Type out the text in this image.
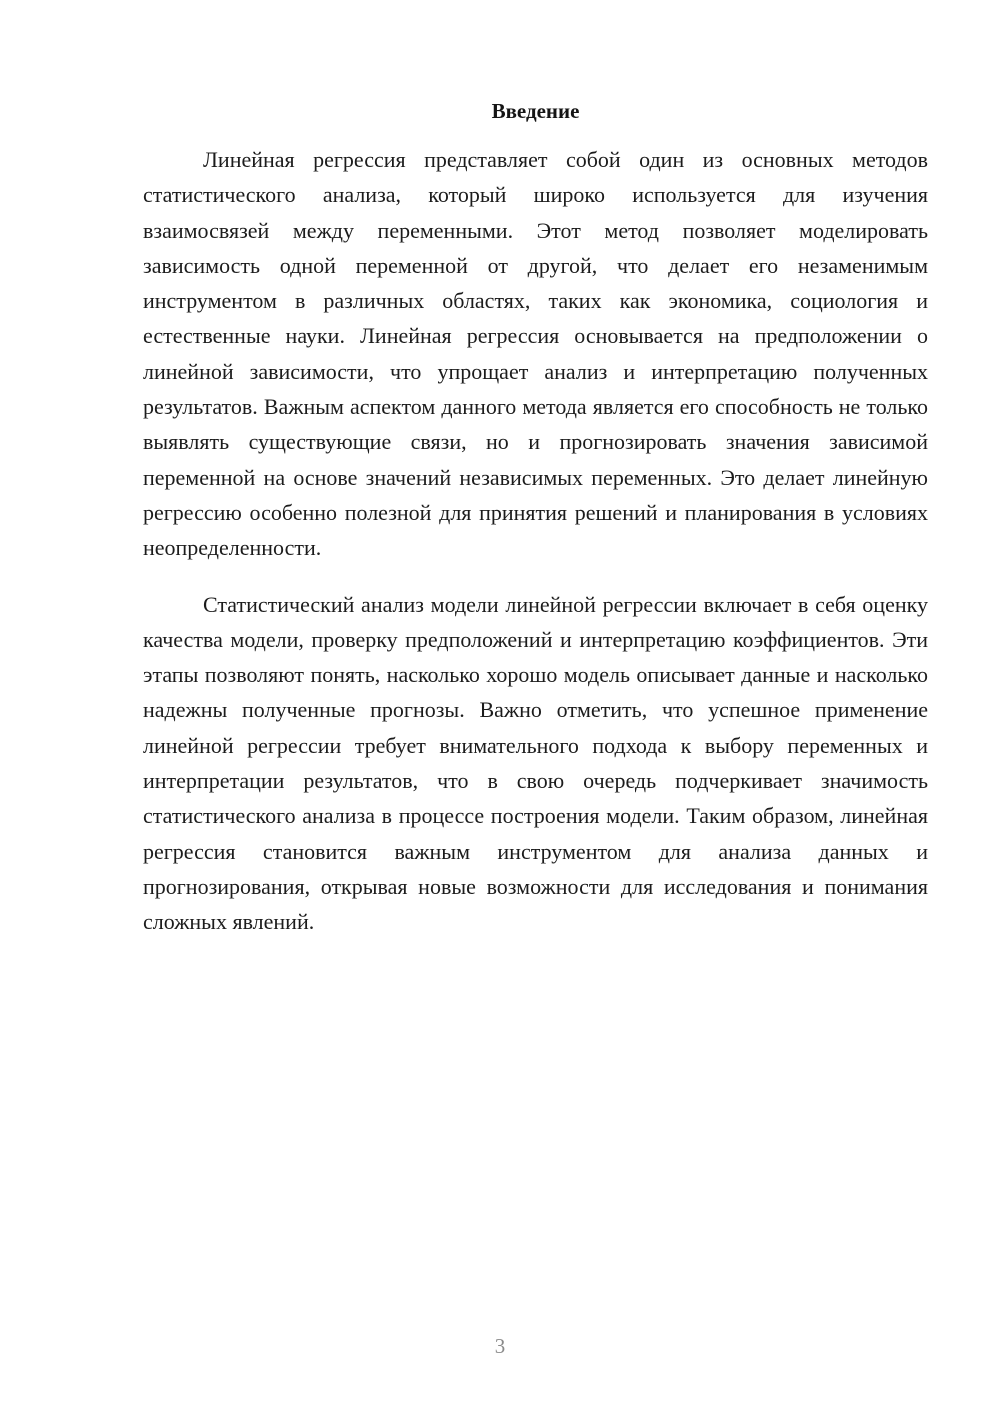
Введение

Линейная регрессия представляет собой один из основных методов статистического анализа, который широко используется для изучения взаимосвязей между переменными. Этот метод позволяет моделировать зависимость одной переменной от другой, что делает его незаменимым инструментом в различных областях, таких как экономика, социология и естественные науки. Линейная регрессия основывается на предположении о линейной зависимости, что упрощает анализ и интерпретацию полученных результатов. Важным аспектом данного метода является его способность не только выявлять существующие связи, но и прогнозировать значения зависимой переменной на основе значений независимых переменных. Это делает линейную регрессию особенно полезной для принятия решений и планирования в условиях неопределенности.

Статистический анализ модели линейной регрессии включает в себя оценку качества модели, проверку предположений и интерпретацию коэффициентов. Эти этапы позволяют понять, насколько хорошо модель описывает данные и насколько надежны полученные прогнозы. Важно отметить, что успешное применение линейной регрессии требует внимательного подхода к выбору переменных и интерпретации результатов, что в свою очередь подчеркивает значимость статистического анализа в процессе построения модели. Таким образом, линейная регрессия становится важным инструментом для анализа данных и прогнозирования, открывая новые возможности для исследования и понимания сложных явлений.

3
